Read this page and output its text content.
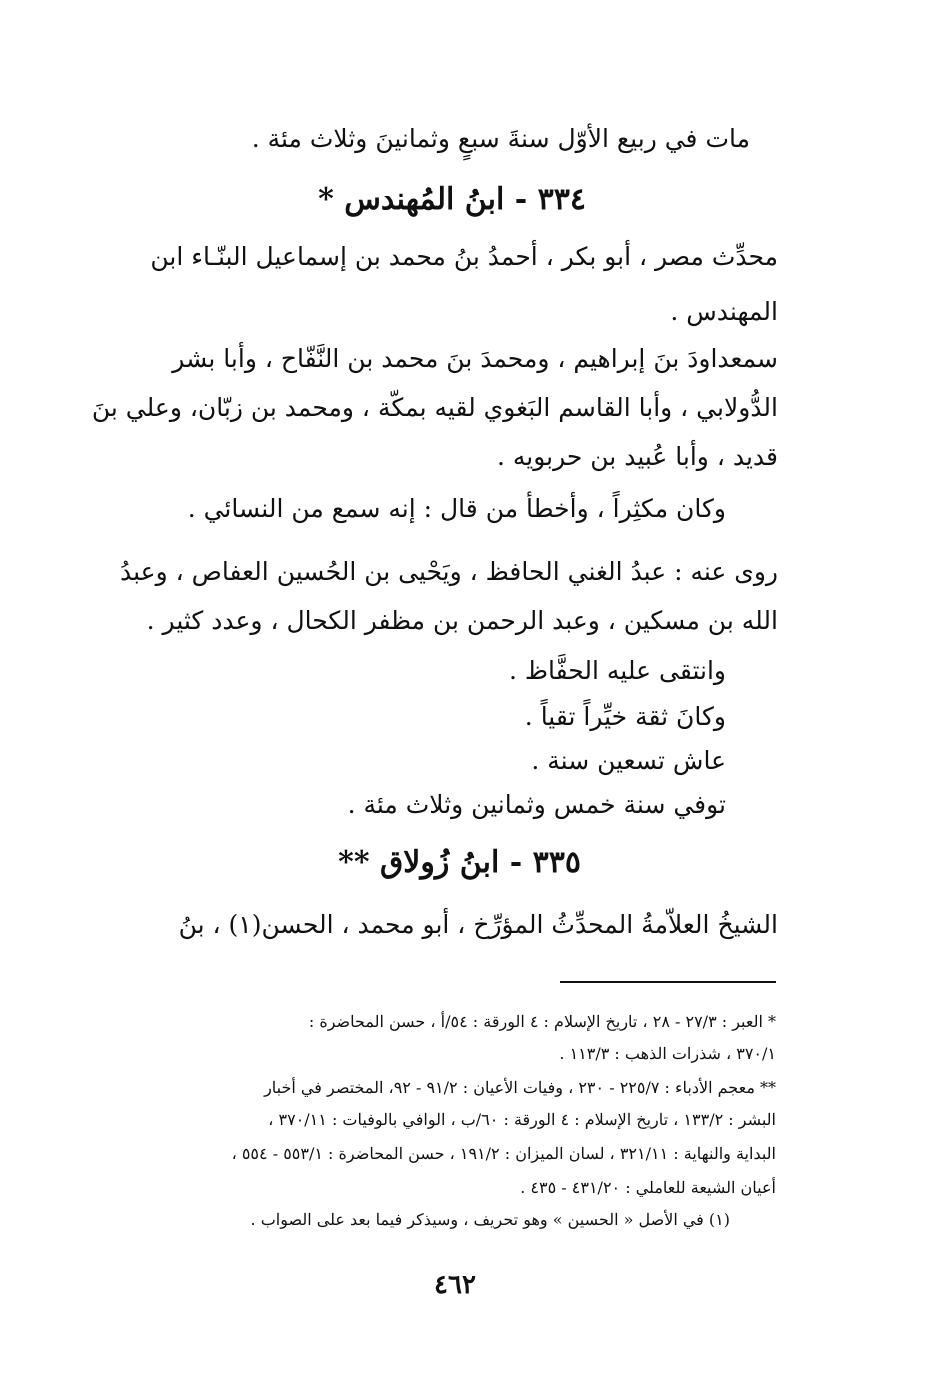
مات في ربيع الأوّل سنةَ سبعٍ وثمانينَ وثلاث مئة .
٣٣٤ - ابنُ المُهندس *
محدِّث مصر ، أبو بكر ، أحمدُ بنُ محمد بن إسماعيل البنّـاء ابن
المهندس .
سمعداودَ بنَ إبراهيم ، ومحمدَ بنَ محمد بن النَّفّاح ، وأبا بشر
الدُّولابي ، وأبا القاسم البَغوي لقيه بمكّة ، ومحمد بن زبّان، وعلي بنَ
قديد ، وأبا عُبيد بن حربويه .
وكان مكثِراً ، وأخطأ من قال : إنه سمع من النسائي .
روى عنه : عبدُ الغني الحافظ ، ويَحْيى بن الحُسين العفاص ، وعبدُ
الله بن مسكين ، وعبد الرحمن بن مظفر الكحال ، وعدد كثير .
وانتقى عليه الحفَّاظ .
وكانَ ثقة خيِّراً تقياً .
عاش تسعين سنة .
توفي سنة خمس وثمانين وثلاث مئة .
٣٣٥ - ابنُ زُولاق **
الشيخُ العلاّمةُ المحدِّثُ المؤرِّخ ، أبو محمد ، الحسن(١) ، بنُ
* العبر : ٢٧/٣ - ٢٨ ، تاريخ الإسلام : ٤ الورقة : ٥٤/أ ، حسن المحاضرة :
٣٧٠/١ ، شذرات الذهب : ١١٣/٣ .
** معجم الأدباء : ٢٢٥/٧ - ٢٣٠ ، وفيات الأعيان : ٩١/٢ - ٩٢، المختصر في أخبار
البشر : ١٣٣/٢ ، تاريخ الإسلام : ٤ الورقة : ٦٠/ب ، الوافي بالوفيات : ٣٧٠/١١ ،
البداية والنهاية : ٣٢١/١١ ، لسان الميزان : ١٩١/٢ ، حسن المحاضرة : ٥٥٣/١ - ٥٥٤ ،
أعيان الشيعة للعاملي : ٤٣١/٢٠ - ٤٣٥ .
(١) في الأصل « الحسين » وهو تحريف ، وسيذكر فيما بعد على الصواب .
٤٦٢
